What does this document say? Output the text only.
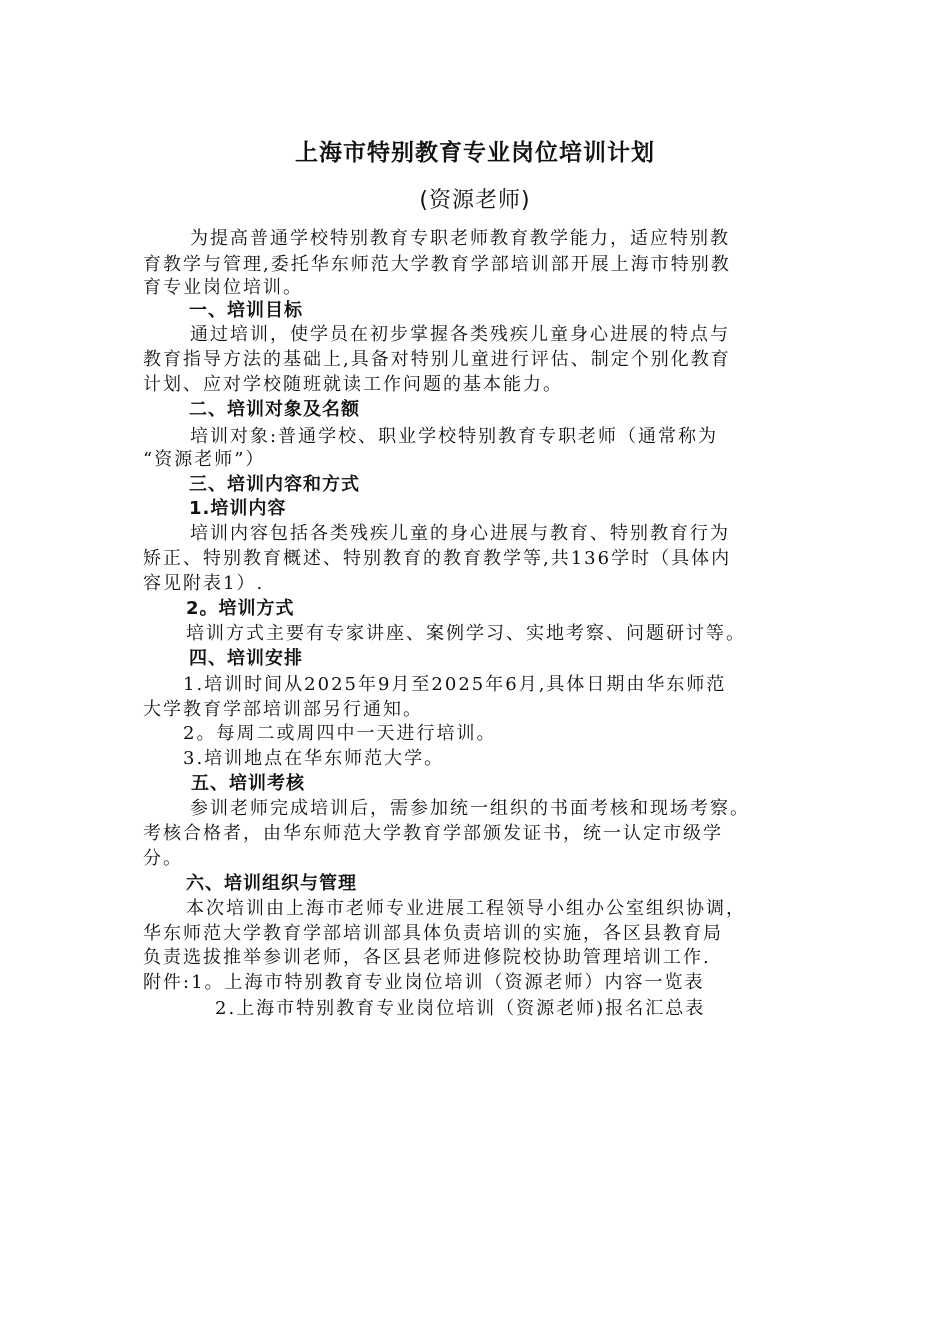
上海市特别教育专业岗位培训计划
(资源老师)
为提高普通学校特别教育专职老师教育教学能力，适应特别教
育教学与管理,委托华东师范大学教育学部培训部开展上海市特别教
育专业岗位培训。
一、培训目标
通过培训，使学员在初步掌握各类残疾儿童身心进展的特点与
教育指导方法的基础上,具备对特别儿童进行评估、制定个别化教育
计划、应对学校随班就读工作问题的基本能力。
二、培训对象及名额
培训对象:普通学校、职业学校特别教育专职老师（通常称为
“资源老师”）
三、培训内容和方式
1.培训内容
培训内容包括各类残疾儿童的身心进展与教育、特别教育行为
矫正、特别教育概述、特别教育的教育教学等,共136学时（具体内
容见附表1）.
2。培训方式
培训方式主要有专家讲座、案例学习、实地考察、问题研讨等。
四、培训安排
1.培训时间从2025年9月至2025年6月,具体日期由华东师范
大学教育学部培训部另行通知。
2。每周二或周四中一天进行培训。
3.培训地点在华东师范大学。
五、培训考核
参训老师完成培训后，需参加统一组织的书面考核和现场考察。
考核合格者，由华东师范大学教育学部颁发证书，统一认定市级学
分。
六、培训组织与管理
本次培训由上海市老师专业进展工程领导小组办公室组织协调，
华东师范大学教育学部培训部具体负责培训的实施，各区县教育局
负责选拔推举参训老师，各区县老师进修院校协助管理培训工作.
附件:1。上海市特别教育专业岗位培训（资源老师）内容一览表
2.上海市特别教育专业岗位培训（资源老师)报名汇总表
